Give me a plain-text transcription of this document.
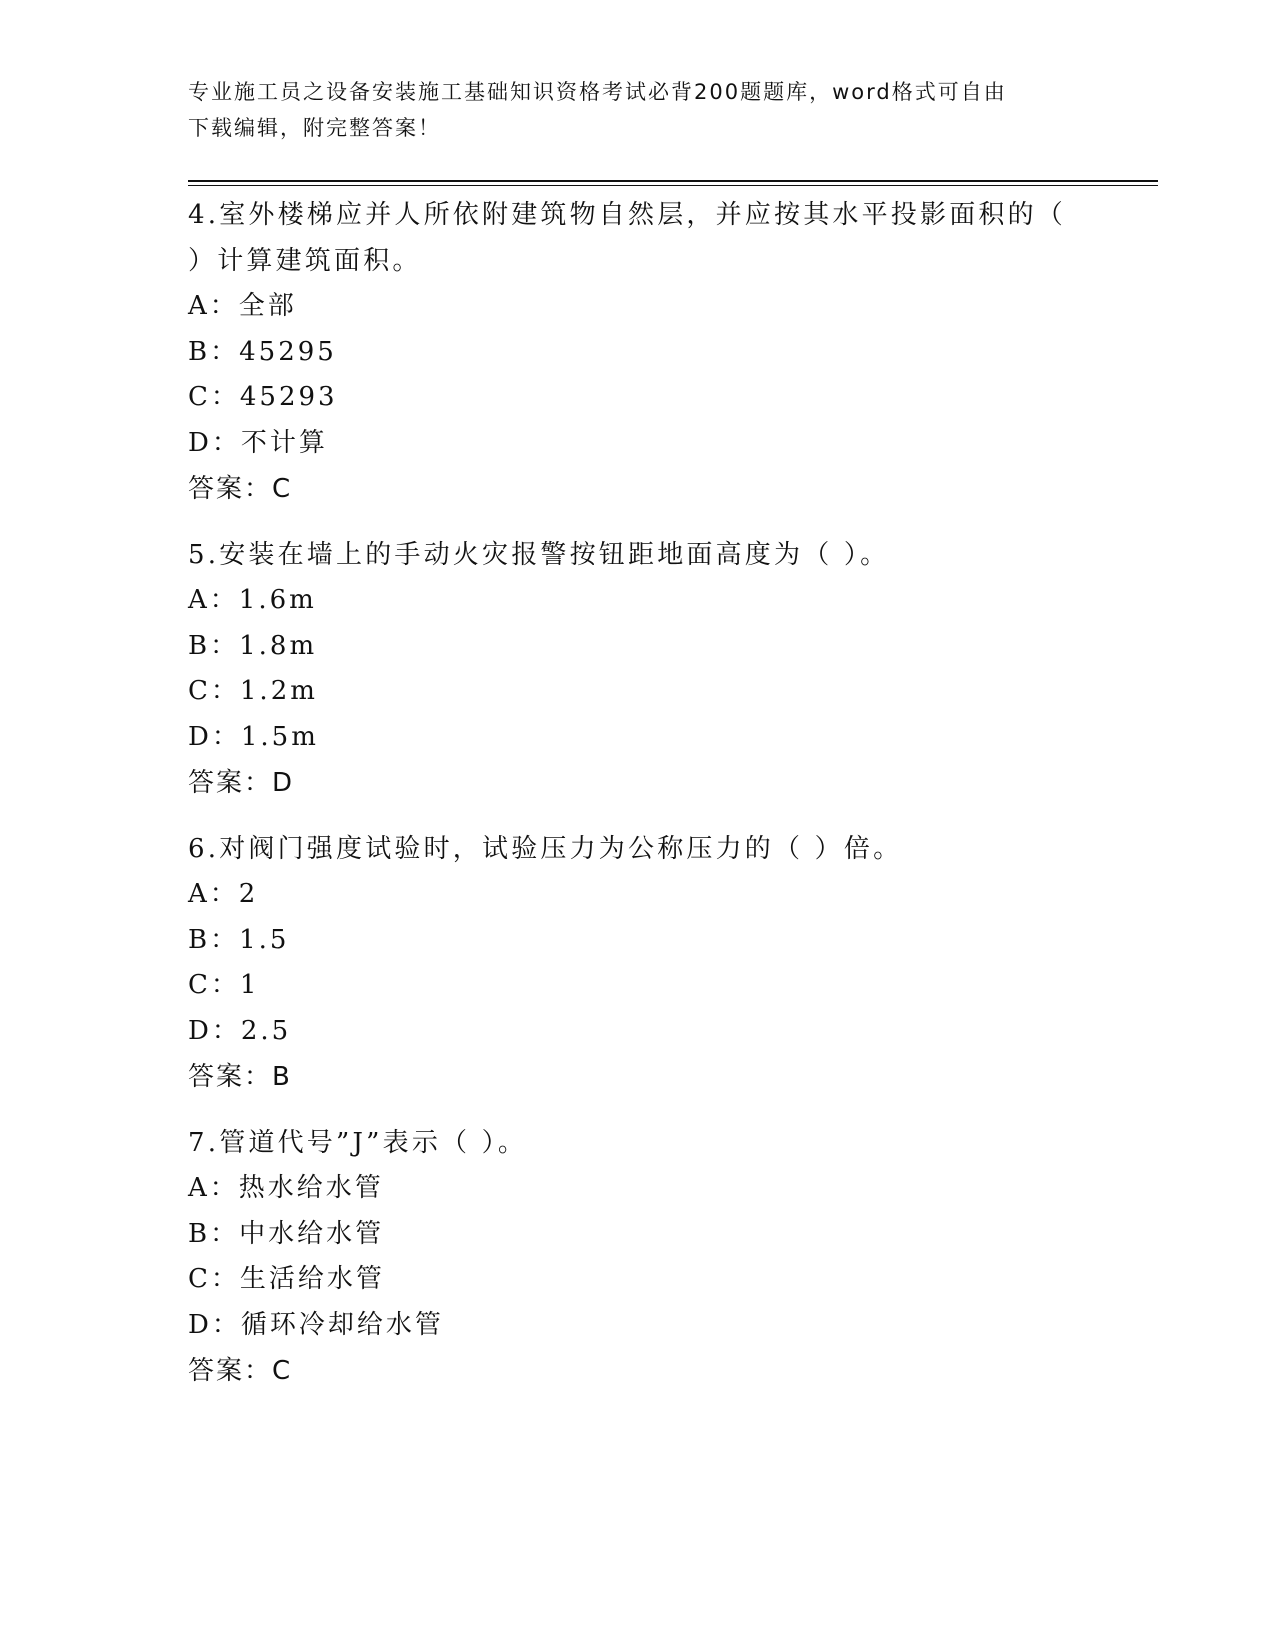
专业施工员之设备安装施工基础知识资格考试必背200题题库，word格式可自由
下载编辑，附完整答案！

4.室外楼梯应并人所依附建筑物自然层，并应按其水平投影面积的（

）计算建筑面积。

A：全部

B：45295

C：45293

D：不计算

答案：C

5.安装在墙上的手动火灾报警按钮距地面高度为（ ）。

A：1.6m

B：1.8m

C：1.2m

D：1.5m

答案：D

6.对阀门强度试验时，试验压力为公称压力的（ ）倍。

A：2

B：1.5

C：1

D：2.5

答案：B

7.管道代号”J”表示（ ）。

A：热水给水管

B：中水给水管

C：生活给水管

D：循环冷却给水管

答案：C
